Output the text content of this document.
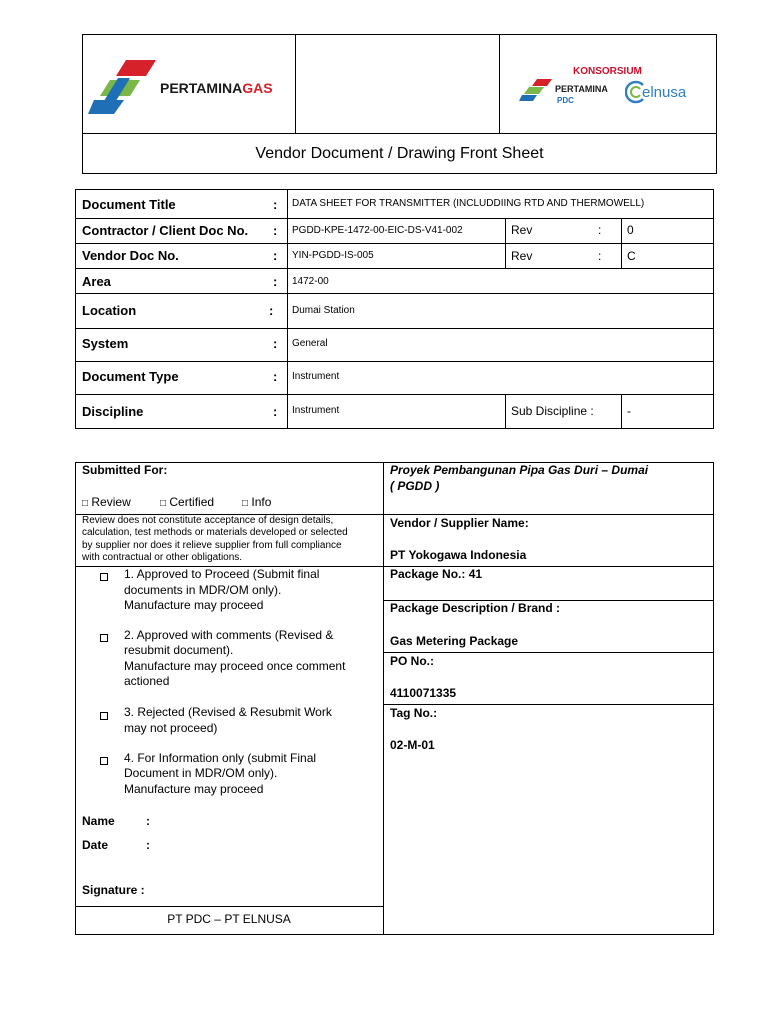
PERTAMINAGAS
KONSORSIUM
PERTAMINA
PDC	elnusa
Vendor Document / Drawing Front Sheet
Document Title	: DATA SHEET FOR TRANSMITTER (INCLUDDIING RTD AND THERMOWELL)
Contractor / Client Doc No. : PGDD-KPE-1472-00-EIC-DS-V41-002	Rev	: 0
Vendor Doc No.	: YIN-PGDD-IS-005	Rev	: C
Area	: 1472-00
Location	: Dumai Station
System	: General
Document Type	: Instrument
Discipline	: Instrument	Sub Discipline :	-
Submitted For:
□ Review	□ Certified	□ Info
Review does not constitute acceptance of design details,
calculation, test methods or materials developed or selected
by supplier nor does it relieve supplier from full compliance
with contractual or other obligations.
1. Approved to Proceed (Submit final
documents in MDR/OM only).
Manufacture may proceed
2. Approved with comments (Revised &
resubmit document).
Manufacture may proceed once comment
actioned
3. Rejected (Revised & Resubmit Work
may not proceed)
4. For Information only (submit Final
Document in MDR/OM only).
Manufacture may proceed
Name	:
Date	:
Signature :
PT PDC – PT ELNUSA
Proyek Pembangunan Pipa Gas Duri – Dumai
( PGDD )
Vendor / Supplier Name:
PT Yokogawa Indonesia
Package No.: 41
Package Description / Brand :
Gas Metering Package
PO No.:
4110071335
Tag No.:
02-M-01
